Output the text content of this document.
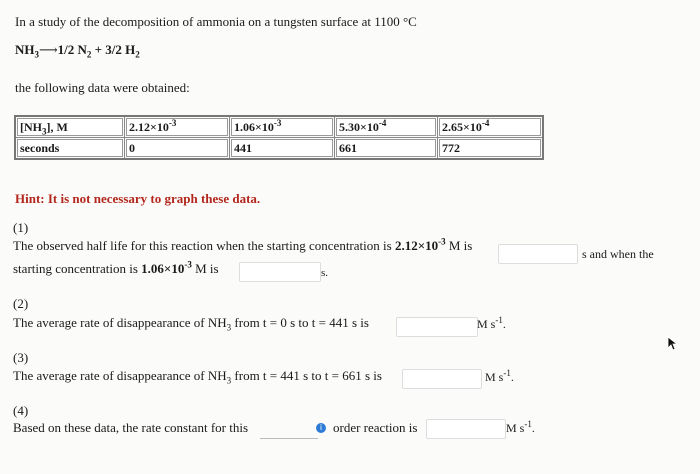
In a study of the decomposition of ammonia on a tungsten surface at 1100 °C
$NH_3⟶1/2$ $N_2 + 3/2$ $H_2$
the following data were obtained:
$[NH_3]$, M	$2.12\times 10^{-3}$	$1.06\times 10^{-3}$	$5.30\times 10^{-4}$	$2.65\times 10^{-4}$

seconds	0	441	661	772
Hint: It is not necessary to graph these data.
(1)
The observed half life for this reaction when the starting concentration is $2.12\times 10^{-3}$ M is
s and when the
starting concentration is $1.06\times 10^{-3}$ M is	s.
(2)
The average rate of disappearance of $NH_3$ from t = 0 s to t = 441 s is	M $s^{-1}$.
(3)
The average rate of disappearance of $NH_3$ from t = 441 s to t = 661 s is	M $s^{-1}$.
(4)
Based on these data, the rate constant for this	i order reaction is	M $s^{-1}$.
